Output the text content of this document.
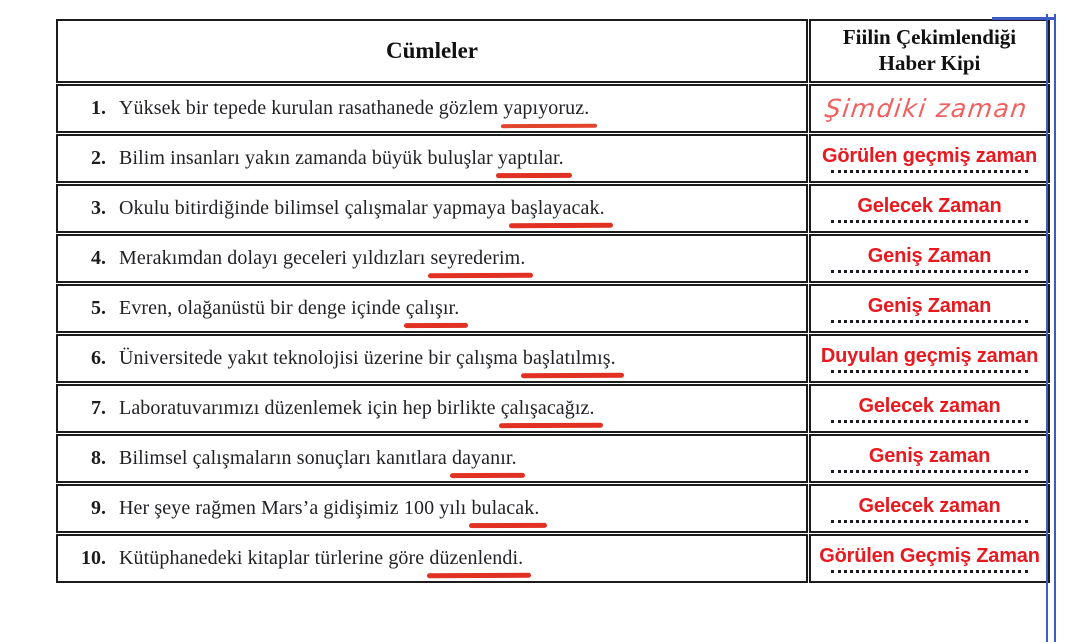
Cümleler	Fiilin Çekimlendiği Haber Kipi
1. Yüksek bir tepede kurulan rasathanede gözlem yapıyoruz.	Şimdiki zaman
2. Bilim insanları yakın zamanda büyük buluşlar yaptılar.	Görülen geçmiş zaman

3. Okulu bitirdiğinde bilimsel çalışmalar yapmaya başlayacak.	Gelecek Zaman

4. Merakımdan dolayı geceleri yıldızları seyrederim.	Geniş Zaman

5. Evren, olağanüstü bir denge içinde çalışır.	Geniş Zaman

6. Üniversitede yakıt teknolojisi üzerine bir çalışma başlatılmış.	Duyulan geçmiş zaman

7. Laboratuvarımızı düzenlemek için hep birlikte çalışacağız.	Gelecek zaman

8. Bilimsel çalışmaların sonuçları kanıtlara dayanır.	Geniş zaman

9. Her şeye rağmen Mars’a gidişimiz 100 yılı bulacak.	Gelecek zaman

10. Kütüphanedeki kitaplar türlerine göre düzenlendi.	Görülen Geçmiş Zaman
